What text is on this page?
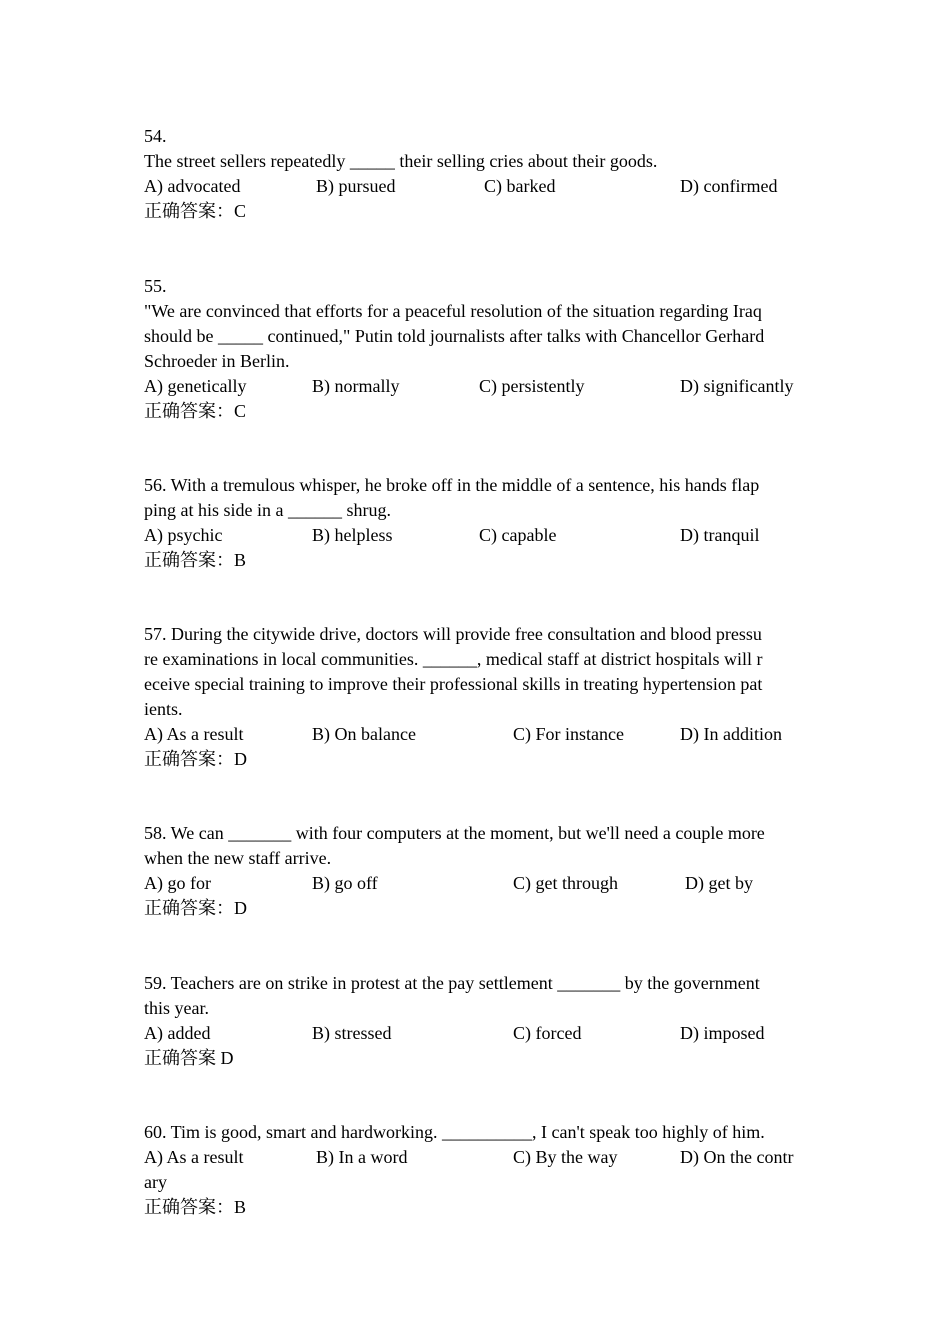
54.
The street sellers repeatedly _____ their selling cries about their goods.
A) advocated	B) pursued	C) barked	D) confirmed
正确答案：C
55.
"We are convinced that efforts for a peaceful resolution of the situation regarding Iraq
should be _____ continued," Putin told journalists after talks with Chancellor Gerhard
Schroeder in Berlin.
A) genetically	B) normally	C) persistently	D) significantly
正确答案：C
56. With a tremulous whisper, he broke off in the middle of a sentence, his hands flap
ping at his side in a ______ shrug.
A) psychic	B) helpless	C) capable	D) tranquil
正确答案：B
57. During the citywide drive, doctors will provide free consultation and blood pressu
re examinations in local communities. ______, medical staff at district hospitals will r
eceive special training to improve their professional skills in treating hypertension pat
ients.
A) As a result	B) On balance	C) For instance	D) In addition
正确答案：D
58. We can _______ with four computers at the moment, but we'll need a couple more
when the new staff arrive.
A) go for	B) go off	C) get through	D) get by
正确答案：D
59. Teachers are on strike in protest at the pay settlement _______ by the government
this year.
A) added	B) stressed	C) forced	D) imposed
正确答案 D
60. Tim is good, smart and hardworking. __________, I can't speak too highly of him.
A) As a result	B) In a word	C) By the way	D) On the contr
ary
正确答案：B
